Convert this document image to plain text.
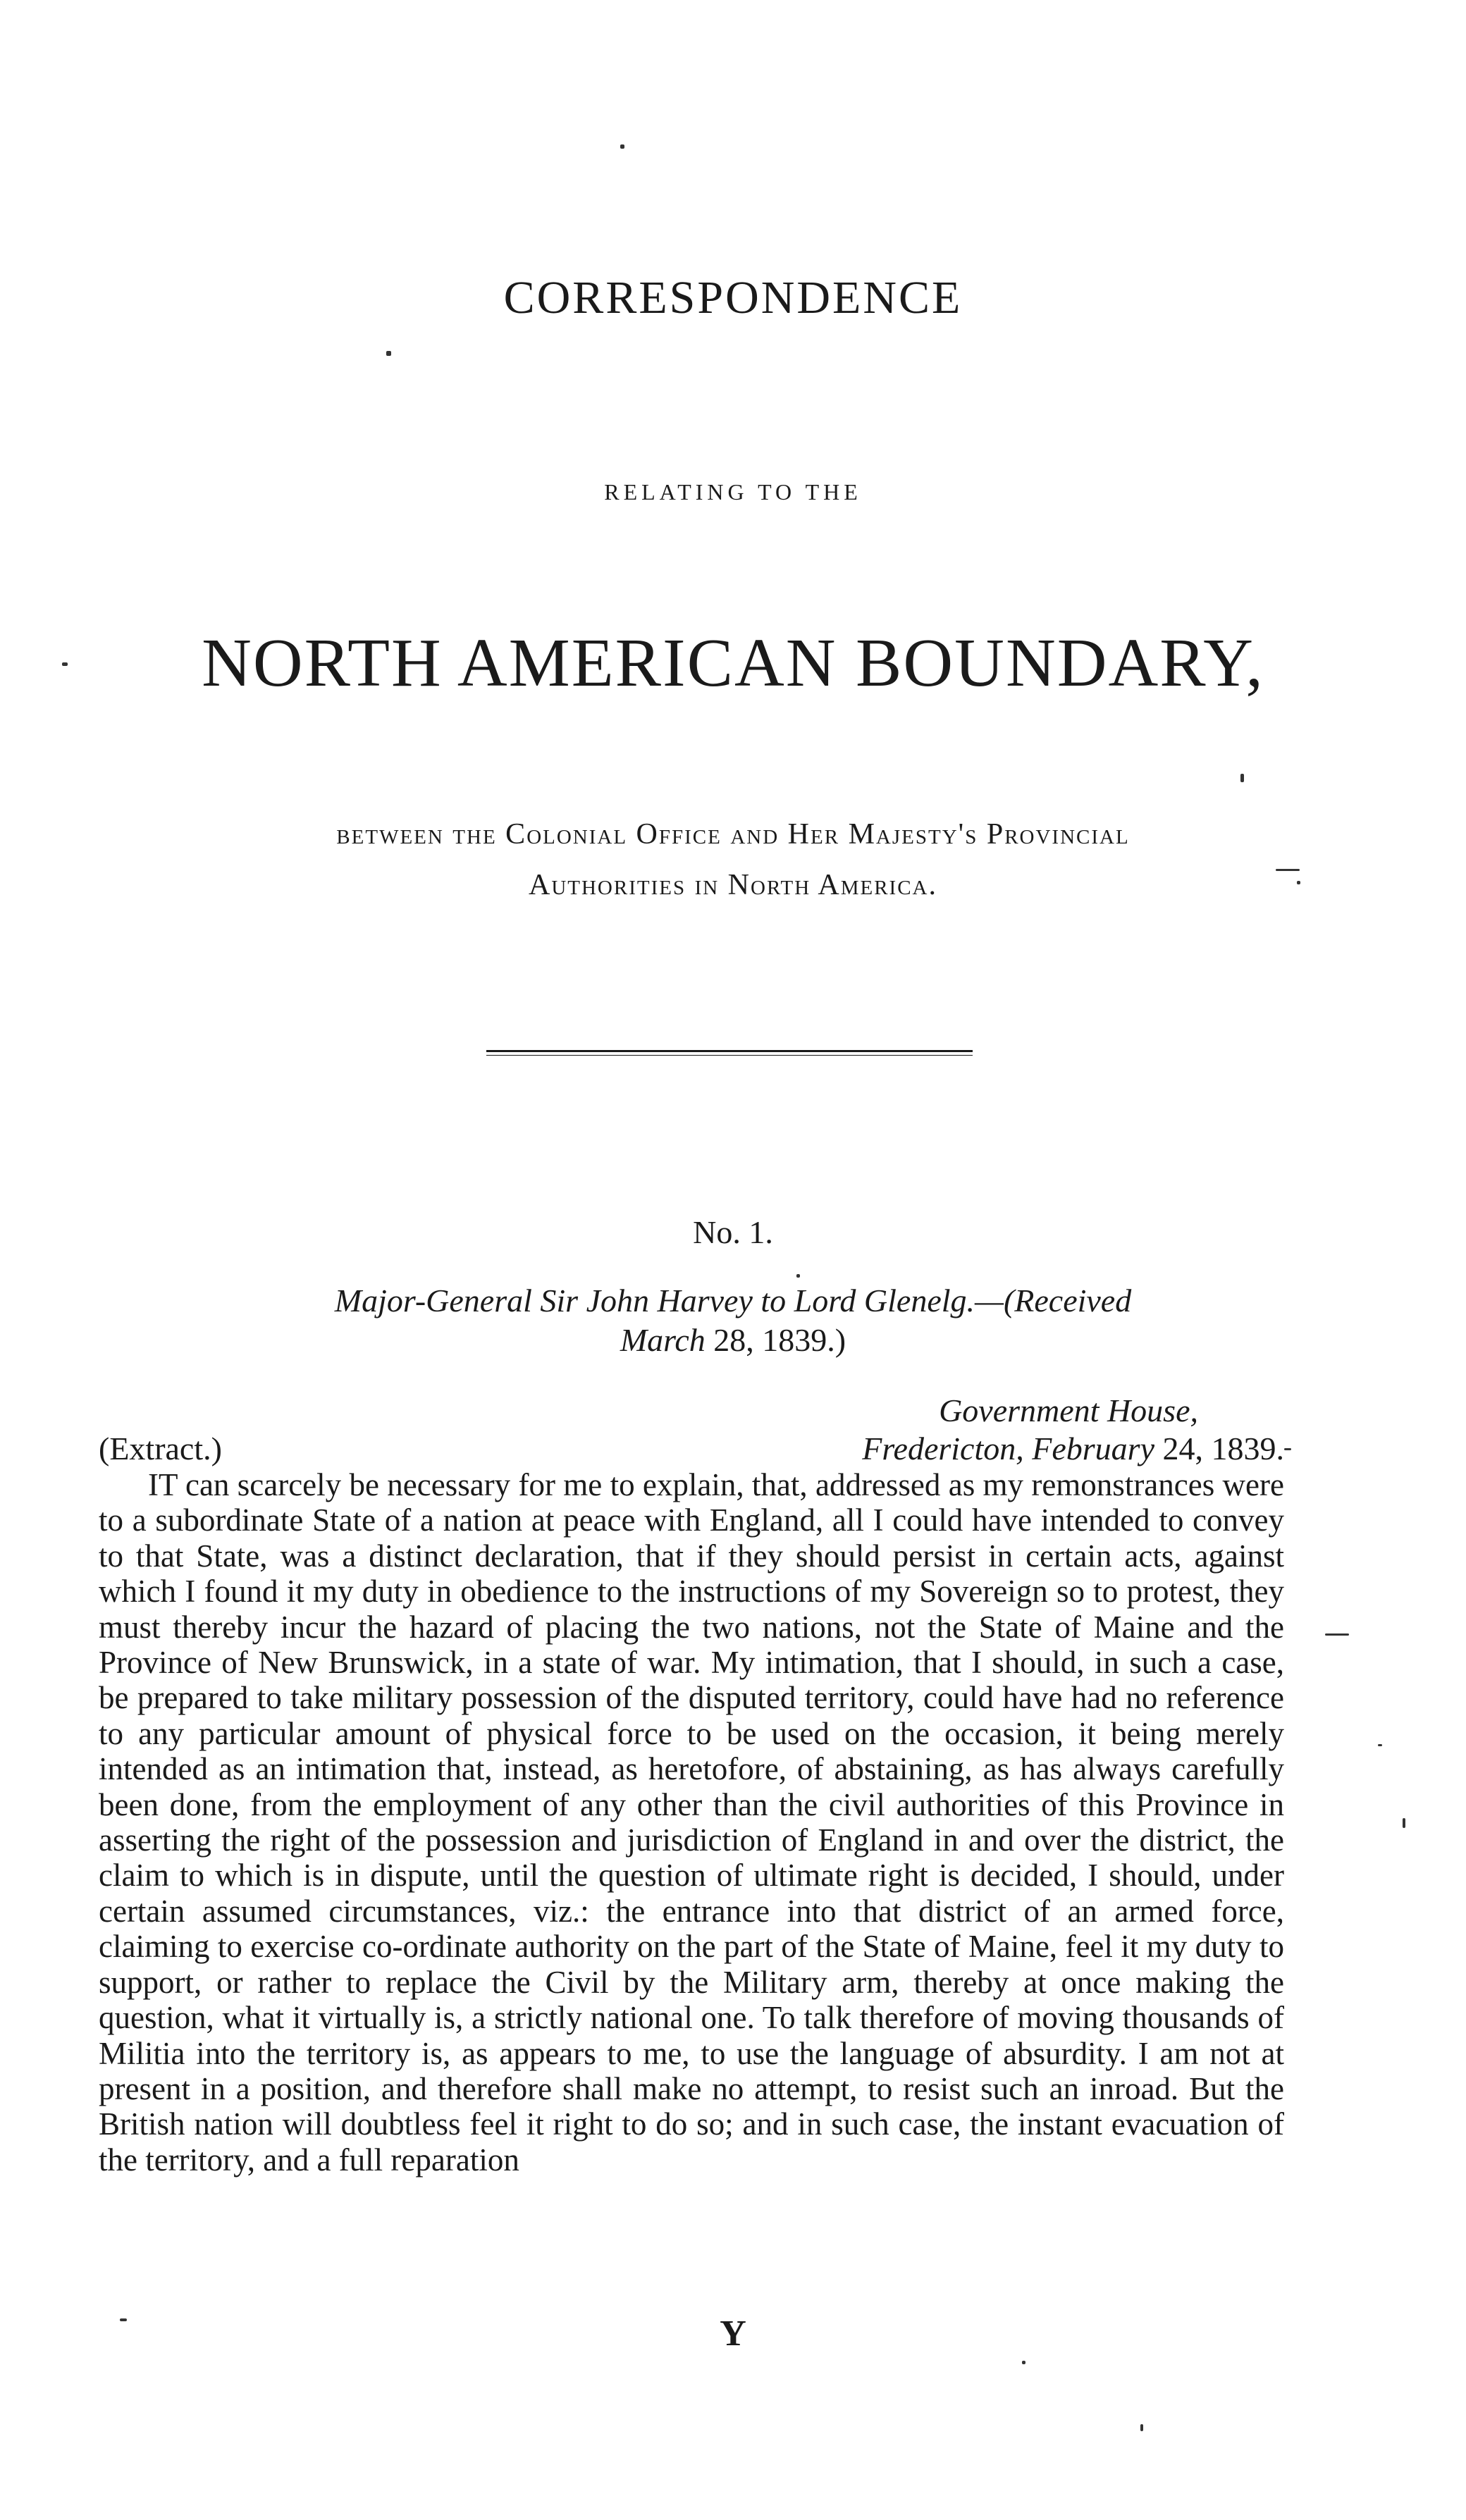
CORRESPONDENCE
RELATING TO THE
NORTH AMERICAN BOUNDARY,
between the Colonial Office and Her Majesty's Provincial
Authorities in North America.
No. 1.
Major-General Sir John Harvey to Lord Glenelg.—(Received
March 28, 1839.)
Government House,
(Extract.)	Fredericton, February 24, 1839.

IT can scarcely be necessary for me to explain, that, addressed as my remonstrances were to a subordinate State of a nation at peace with England, all I could have intended to convey to that State, was a distinct declaration, that if they should persist in certain acts, against which I found it my duty in obedience to the instructions of my Sovereign so to protest, they must thereby incur the hazard of placing the two nations, not the State of Maine and the Province of New Brunswick, in a state of war. My intimation, that I should, in such a case, be prepared to take military possession of the disputed territory, could have had no reference to any particular amount of physical force to be used on the occasion, it being merely intended as an intimation that, instead, as heretofore, of abstaining, as has always carefully been done, from the employment of any other than the civil authorities of this Province in asserting the right of the possession and jurisdiction of England in and over the district, the claim to which is in dispute, until the question of ultimate right is decided, I should, under certain assumed circumstances, viz.: the entrance into that district of an armed force, claiming to exercise co-ordinate authority on the part of the State of Maine, feel it my duty to support, or rather to replace the Civil by the Military arm, thereby at once making the question, what it virtually is, a strictly national one. To talk therefore of moving thousands of Militia into the territory is, as appears to me, to use the language of absurdity. I am not at present in a position, and therefore shall make no attempt, to resist such an inroad. But the British nation will doubtless feel it right to do so; and in such case, the instant evacuation of the territory, and a full reparation

Y
